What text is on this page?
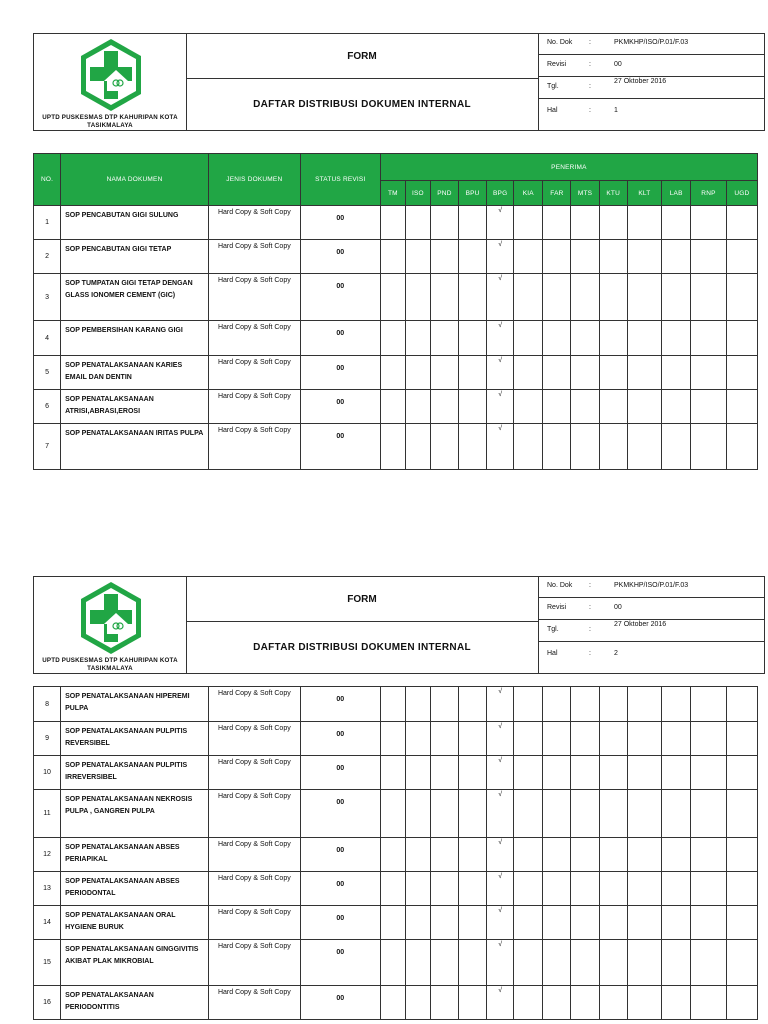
UPTD PUSKESMAS DTP KAHURIPAN KOTA TASIKMALAYA
FORM
DAFTAR DISTRIBUSI DOKUMEN INTERNAL
No. Dok :	PKMKHP/ISO/P.01/F.03
Revisi	:	00
Tgl.	:
27 Oktober 2016
Hal	:	1
NO.	NAMA DOKUMEN	JENIS DOKUMEN	STATUS REVISI	PENERIMA												
				TM	ISO	PND	BPU	BPG	KIA	FAR	MTS	KTU	KLT	LAB	RNP	UGD
1	SOP PENCABUTAN GIGI SULUNG	Hard Copy & Soft Copy	00					√								
2	SOP PENCABUTAN GIGI TETAP	Hard Copy & Soft Copy	00					√								
3	SOP TUMPATAN GIGI TETAP DENGAN GLASS IONOMER CEMENT (GIC)	Hard Copy & Soft Copy	00					√								
4	SOP PEMBERSIHAN KARANG GIGI	Hard Copy & Soft Copy	00					√								
5	SOP PENATALAKSANAAN KARIES EMAIL DAN DENTIN	Hard Copy & Soft Copy	00					√								
6	SOP PENATALAKSANAAN ATRISI,ABRASI,EROSI	Hard Copy & Soft Copy	00					√								
7	SOP PENATALAKSANAAN IRITAS PULPA	Hard Copy & Soft Copy	00					√								
UPTD PUSKESMAS DTP KAHURIPAN KOTA TASIKMALAYA
FORM
DAFTAR DISTRIBUSI DOKUMEN INTERNAL
No. Dok :	PKMKHP/ISO/P.01/F.03
Revisi	:	00
Tgl.	:
27 Oktober 2016
Hal	:	2
8	SOP PENATALAKSANAAN HIPEREMI PULPA	Hard Copy & Soft Copy	00					√								
9	SOP PENATALAKSANAAN PULPITIS REVERSIBEL	Hard Copy & Soft Copy	00					√								
10	SOP PENATALAKSANAAN PULPITIS IRREVERSIBEL	Hard Copy & Soft Copy	00					√								
11	SOP PENATALAKSANAAN NEKROSIS PULPA , GANGREN PULPA	Hard Copy & Soft Copy	00					√								
12	SOP PENATALAKSANAAN ABSES PERIAPIKAL	Hard Copy & Soft Copy	00					√								
13	SOP PENATALAKSANAAN ABSES PERIODONTAL	Hard Copy & Soft Copy	00					√								
14	SOP PENATALAKSANAAN ORAL HYGIENE BURUK	Hard Copy & Soft Copy	00					√								
15	SOP PENATALAKSANAAN GINGGIVITIS AKIBAT PLAK MIKROBIAL	Hard Copy & Soft Copy	00					√								
16	SOP PENATALAKSANAAN PERIODONTITIS	Hard Copy & Soft Copy	00					√								
